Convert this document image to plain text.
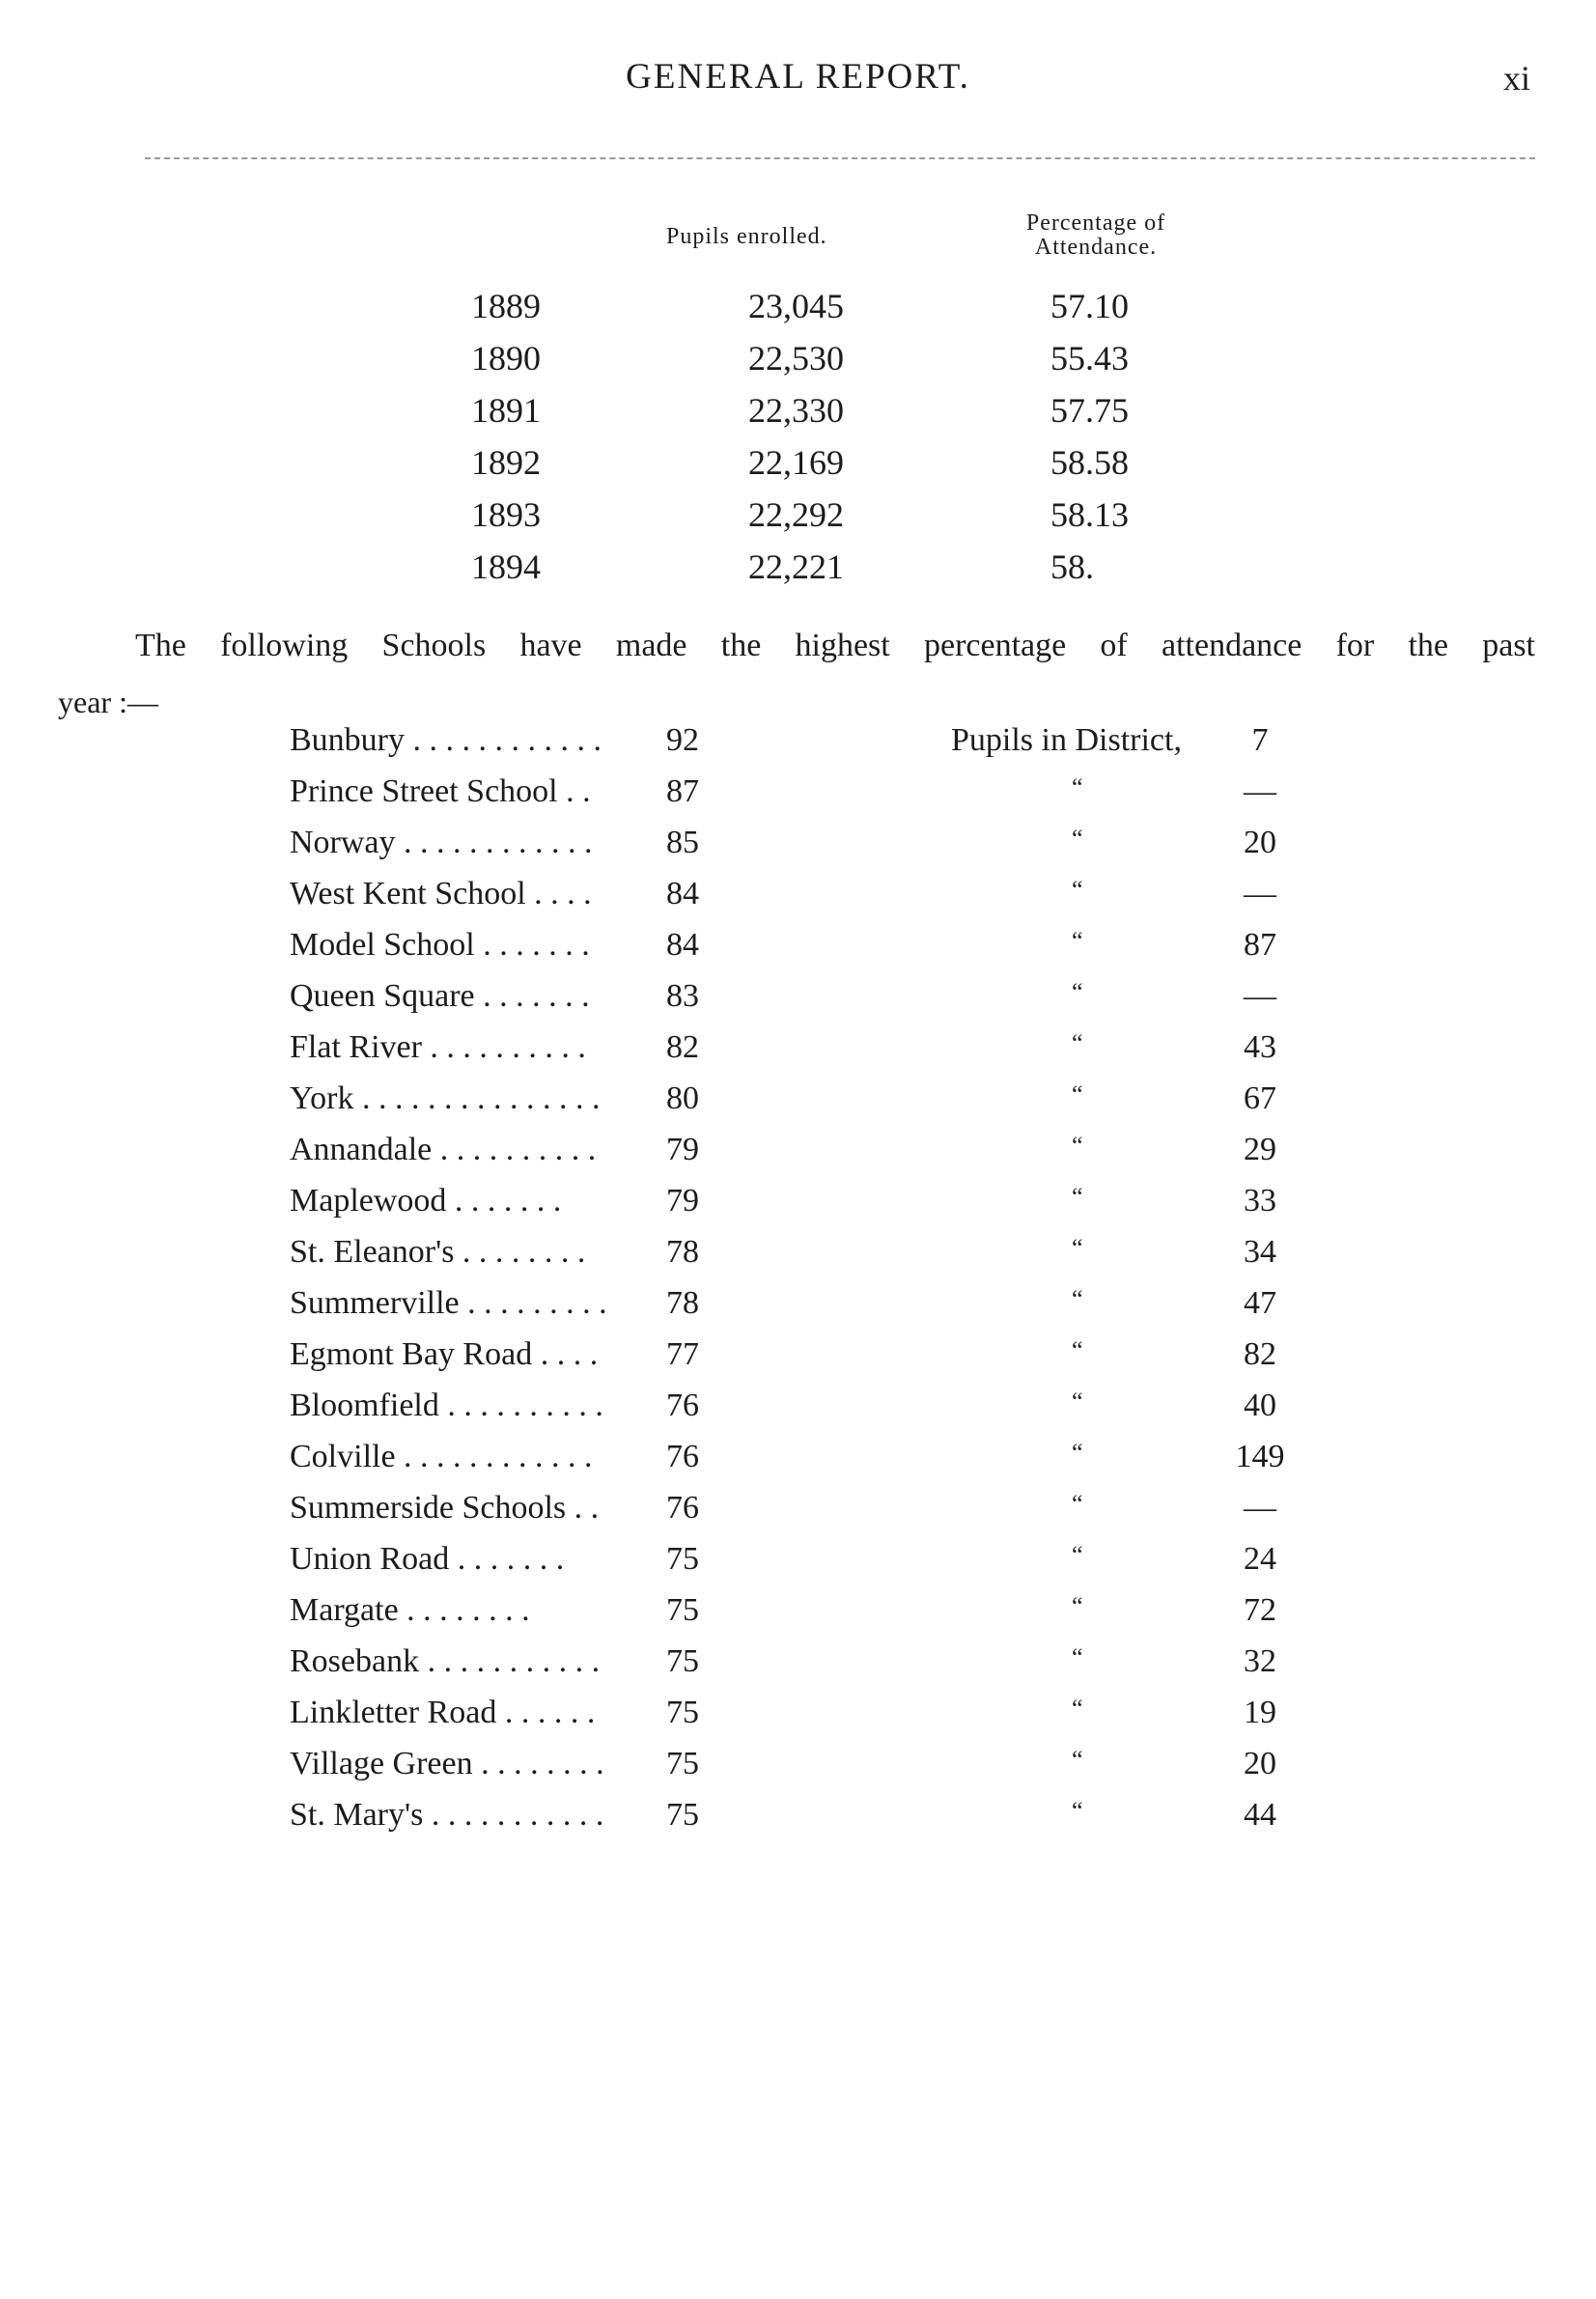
GENERAL REPORT.	xi
Pupils enrolled.
Percentage of
Attendance.
1889	23,045	57.10
1890	22,530	55.43
1891	22,330	57.75
1892	22,169	58.58
1893	22,292	58.13
1894	22,221	58.
The following Schools have made the highest percentage of attendance for the past
year :—
Bunbury . . . . . . . . . . . .	92	Pupils in District,	7
Prince Street School . .	87	“	—
Norway . . . . . . . . . . . .	85	“	20
West Kent School . . . .	84	“	—
Model School . . . . . . .	84	“	87
Queen Square . . . . . . .	83	“	—
Flat River . . . . . . . . . .	82	“	43
York . . . . . . . . . . . . . . .	80	“	67
Annandale . . . . . . . . . .	79	“	29
Maplewood . . . . . . .	79	“	33
St. Eleanor's . . . . . . . .	78	“	34
Summerville . . . . . . . . .	78	“	47
Egmont Bay Road . . . .	77	“	82
Bloomfield . . . . . . . . . .	76	“	40
Colville . . . . . . . . . . . .	76	“	149
Summerside Schools . .	76	“	—
Union Road . . . . . . .	75	“	24
Margate . . . . . . . .	75	“	72
Rosebank . . . . . . . . . . .	75	“	32
Linkletter Road . . . . . .	75	“	19
Village Green . . . . . . . .	75	“	20
St. Mary's . . . . . . . . . . .	75	“	44
